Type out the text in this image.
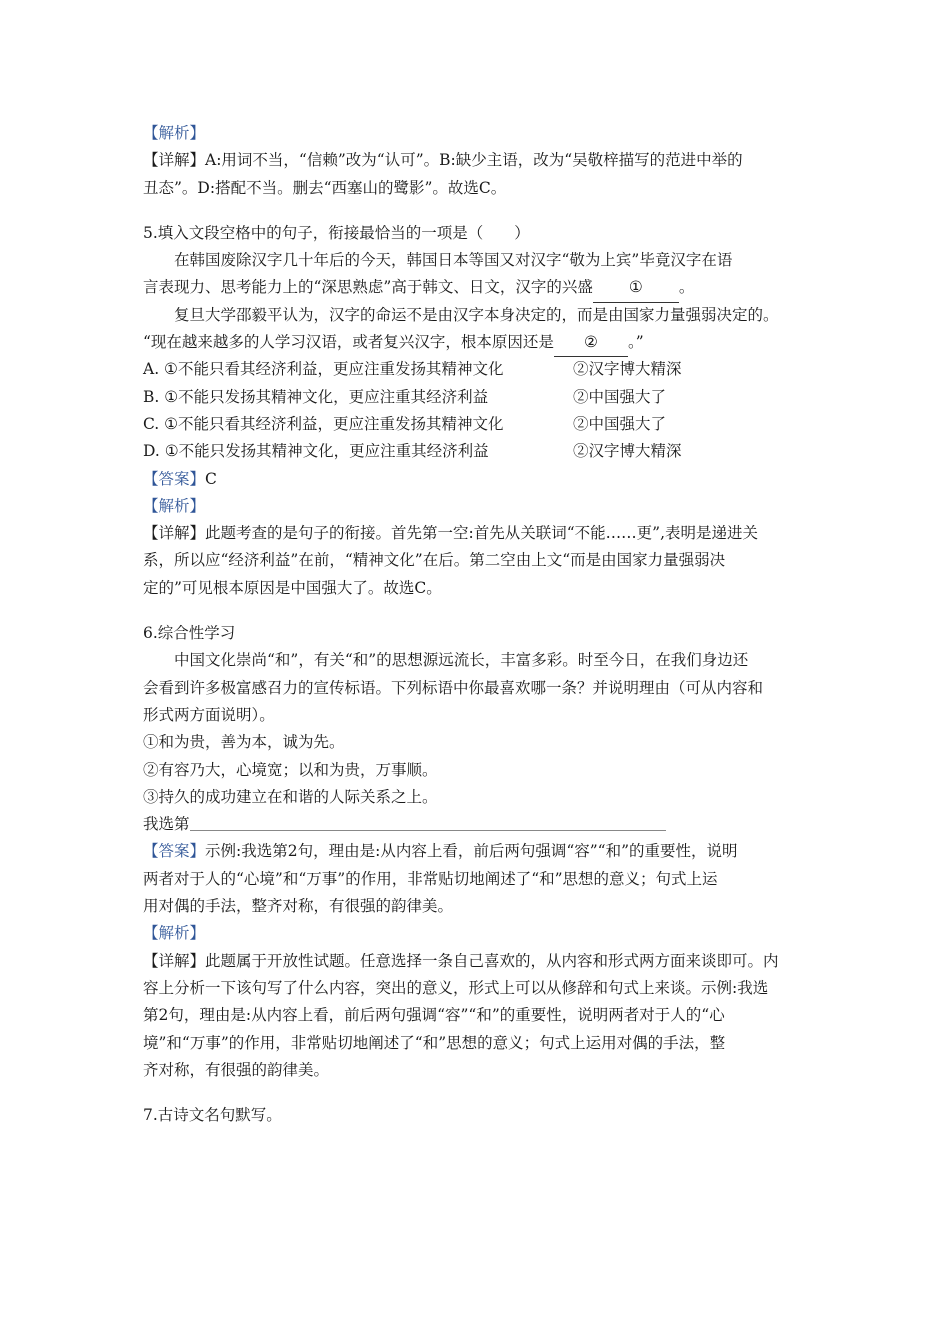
【解析】
【详解】A:用词不当，“信赖”改为“认可”。B:缺少主语，改为“吴敬梓描写的范进中举的
丑态”。D:搭配不当。删去“西塞山的鹭影”。故选C。
5.填入文段空格中的句子，衔接最恰当的一项是（　　）
在韩国废除汉字几十年后的今天，韩国日本等国又对汉字“敬为上宾”毕竟汉字在语
言表现力、思考能力上的“深思熟虑”高于韩文、日文，汉字的兴盛 ① 。
复旦大学邵毅平认为，汉字的命运不是由汉字本身决定的，而是由国家力量强弱决定的。
“现在越来越多的人学习汉语，或者复兴汉字，根本原因还是 ② 。”
A. ①不能只看其经济利益，更应注重发扬其精神文化	②汉字博大精深
B. ①不能只发扬其精神文化，更应注重其经济利益	②中国强大了
C. ①不能只看其经济利益，更应注重发扬其精神文化	②中国强大了
D. ①不能只发扬其精神文化，更应注重其经济利益	②汉字博大精深
【答案】C
【解析】
【详解】此题考查的是句子的衔接。首先第一空:首先从关联词“不能……更”,表明是递进关
系，所以应“经济利益”在前，“精神文化”在后。第二空由上文“而是由国家力量强弱决
定的”可见根本原因是中国强大了。故选C。
6.综合性学习
中国文化崇尚“和”，有关“和”的思想源远流长，丰富多彩。时至今日，在我们身边还
会看到许多极富感召力的宣传标语。下列标语中你最喜欢哪一条？并说明理由（可从内容和
形式两方面说明）。
①和为贵，善为本，诚为先。
②有容乃大，心境宽；以和为贵，万事顺。
③持久的成功建立在和谐的人际关系之上。
我选第
【答案】示例:我选第2句，理由是:从内容上看，前后两句强调“容”“和”的重要性，说明
两者对于人的“心境”和“万事”的作用，非常贴切地阐述了“和”思想的意义；句式上运
用对偶的手法，整齐对称，有很强的韵律美。
【解析】
【详解】此题属于开放性试题。任意选择一条自己喜欢的，从内容和形式两方面来谈即可。内
容上分析一下该句写了什么内容，突出的意义，形式上可以从修辞和句式上来谈。示例:我选
第2句，理由是:从内容上看，前后两句强调“容”“和”的重要性，说明两者对于人的“心
境”和“万事”的作用，非常贴切地阐述了“和”思想的意义；句式上运用对偶的手法，整
齐对称，有很强的韵律美。
7.古诗文名句默写。
